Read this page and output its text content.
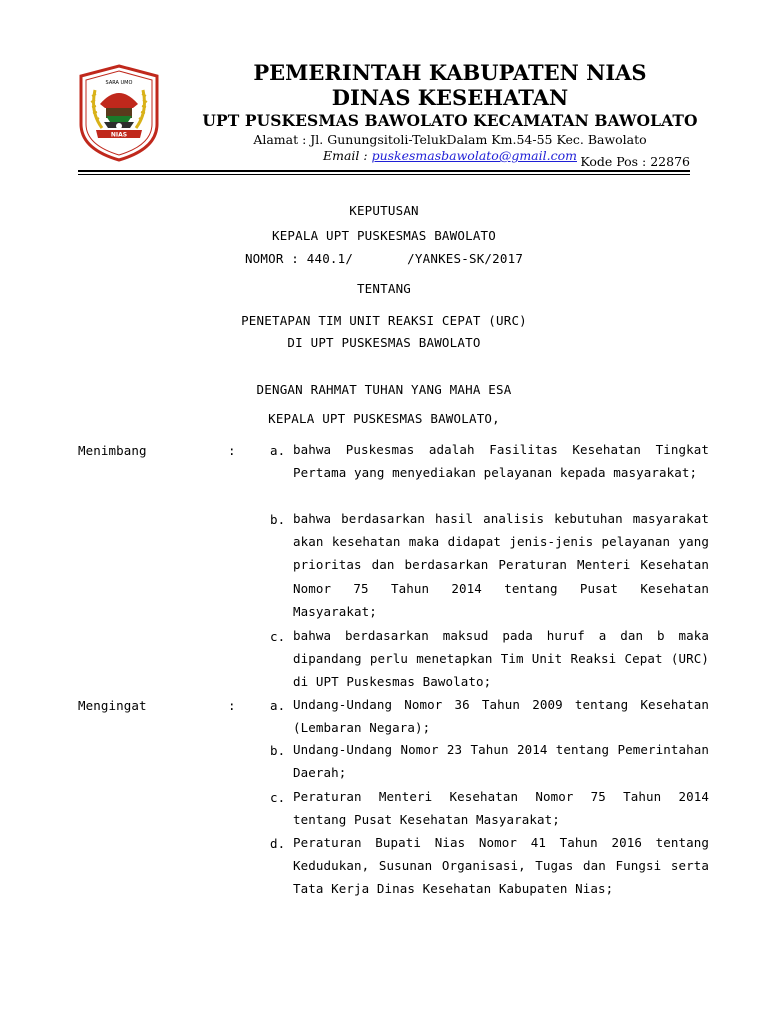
SARA UMO
NIAS
PEMERINTAH KABUPATEN NIAS
DINAS KESEHATAN
UPT PUSKESMAS BAWOLATO KECAMATAN BAWOLATO
Alamat : Jl. Gunungsitoli-TelukDalam Km.54-55 Kec. Bawolato
Email : puskesmasbawolato@gmail.com Kode Pos : 22876
KEPUTUSAN
KEPALA UPT PUSKESMAS BAWOLATO
NOMOR : 440.1/       /YANKES-SK/2017
TENTANG
PENETAPAN TIM UNIT REAKSI CEPAT (URC)
DI UPT PUSKESMAS BAWOLATO
DENGAN RAHMAT TUHAN YANG MAHA ESA
KEPALA UPT PUSKESMAS BAWOLATO,
Menimbang	:	a. bahwa Puskesmas adalah Fasilitas Kesehatan Tingkat Pertama yang menyediakan pelayanan kepada masyarakat;
b. bahwa berdasarkan hasil analisis kebutuhan masyarakat akan kesehatan maka didapat jenis-jenis pelayanan yang prioritas dan berdasarkan Peraturan Menteri Kesehatan Nomor 75 Tahun 2014 tentang Pusat Kesehatan Masyarakat;
c. bahwa berdasarkan maksud pada huruf a dan b maka dipandang perlu menetapkan Tim Unit Reaksi Cepat (URC) di UPT Puskesmas Bawolato;
Mengingat	:	a. Undang-Undang Nomor 36 Tahun 2009 tentang Kesehatan (Lembaran Negara);
b. Undang-Undang Nomor 23 Tahun 2014 tentang Pemerintahan Daerah;
c. Peraturan Menteri Kesehatan Nomor 75 Tahun 2014 tentang Pusat Kesehatan Masyarakat;
d. Peraturan Bupati Nias Nomor 41 Tahun 2016 tentang Kedudukan, Susunan Organisasi, Tugas dan Fungsi serta Tata Kerja Dinas Kesehatan Kabupaten Nias;
